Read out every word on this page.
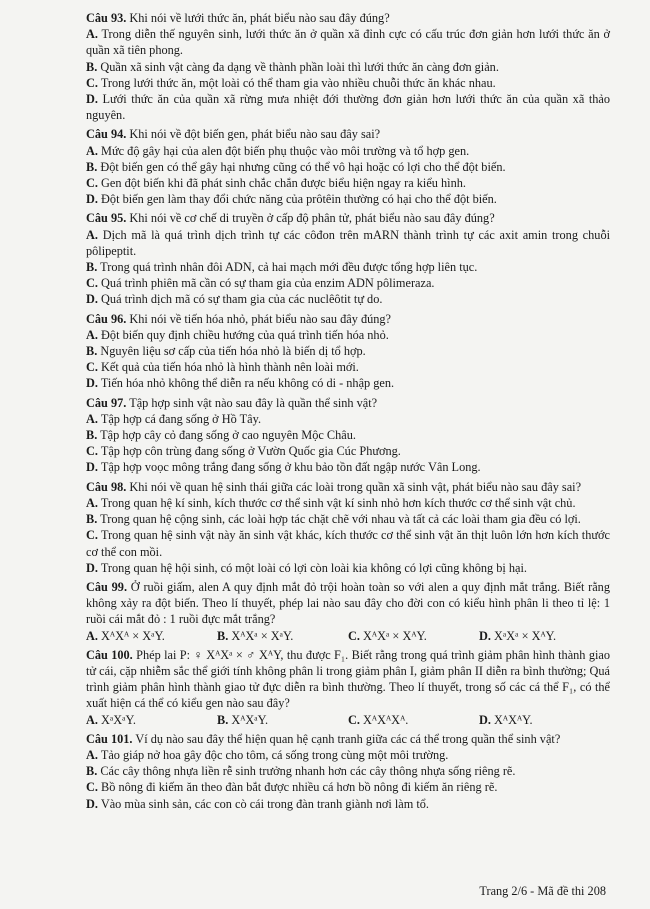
Câu 93. Khi nói về lưới thức ăn, phát biểu nào sau đây đúng?

A. Trong diễn thế nguyên sinh, lưới thức ăn ở quần xã đỉnh cực có cấu trúc đơn giản hơn lưới thức ăn ở quần xã tiên phong.

B. Quần xã sinh vật càng đa dạng về thành phần loài thì lưới thức ăn càng đơn giản.

C. Trong lưới thức ăn, một loài có thể tham gia vào nhiều chuỗi thức ăn khác nhau.

D. Lưới thức ăn của quần xã rừng mưa nhiệt đới thường đơn giản hơn lưới thức ăn của quần xã thảo nguyên.

Câu 94. Khi nói về đột biến gen, phát biểu nào sau đây sai?

A. Mức độ gây hại của alen đột biến phụ thuộc vào môi trường và tổ hợp gen.

B. Đột biến gen có thể gây hại nhưng cũng có thể vô hại hoặc có lợi cho thể đột biến.

C. Gen đột biến khi đã phát sinh chắc chắn được biểu hiện ngay ra kiểu hình.

D. Đột biến gen làm thay đổi chức năng của prôtêin thường có hại cho thể đột biến.

Câu 95. Khi nói về cơ chế di truyền ở cấp độ phân tử, phát biểu nào sau đây đúng?

A. Dịch mã là quá trình dịch trình tự các côđon trên mARN thành trình tự các axit amin trong chuỗi pôlipeptit.

B. Trong quá trình nhân đôi ADN, cả hai mạch mới đều được tổng hợp liên tục.

C. Quá trình phiên mã cần có sự tham gia của enzim ADN pôlimeraza.

D. Quá trình dịch mã có sự tham gia của các nuclêôtit tự do.

Câu 96. Khi nói về tiến hóa nhỏ, phát biểu nào sau đây đúng?

A. Đột biến quy định chiều hướng của quá trình tiến hóa nhỏ.

B. Nguyên liệu sơ cấp của tiến hóa nhỏ là biến dị tổ hợp.

C. Kết quả của tiến hóa nhỏ là hình thành nên loài mới.

D. Tiến hóa nhỏ không thể diễn ra nếu không có di - nhập gen.

Câu 97. Tập hợp sinh vật nào sau đây là quần thể sinh vật?

A. Tập hợp cá đang sống ở Hồ Tây.

B. Tập hợp cây cỏ đang sống ở cao nguyên Mộc Châu.

C. Tập hợp côn trùng đang sống ở Vườn Quốc gia Cúc Phương.

D. Tập hợp voọc mông trắng đang sống ở khu bảo tồn đất ngập nước Vân Long.

Câu 98. Khi nói về quan hệ sinh thái giữa các loài trong quần xã sinh vật, phát biểu nào sau đây sai?

A. Trong quan hệ kí sinh, kích thước cơ thể sinh vật kí sinh nhỏ hơn kích thước cơ thể sinh vật chủ.

B. Trong quan hệ cộng sinh, các loài hợp tác chặt chẽ với nhau và tất cả các loài tham gia đều có lợi.

C. Trong quan hệ sinh vật này ăn sinh vật khác, kích thước cơ thể sinh vật ăn thịt luôn lớn hơn kích thước cơ thể con mồi.

D. Trong quan hệ hội sinh, có một loài có lợi còn loài kia không có lợi cũng không bị hại.

Câu 99. Ở ruồi giấm, alen A quy định mắt đỏ trội hoàn toàn so với alen a quy định mắt trắng. Biết rằng không xảy ra đột biến. Theo lí thuyết, phép lai nào sau đây cho đời con có kiểu hình phân li theo tỉ lệ: 1 ruồi cái mắt đỏ : 1 ruồi đực mắt trắng?

A. XᴬXᴬ × XᵃY.	B. XᴬXᵃ × XᵃY.	C. XᴬXᵃ × XᴬY.	D. XᵃXᵃ × XᴬY.

Câu 100. Phép lai P: ♀ XᴬXᵃ × ♂ XᴬY, thu được F₁. Biết rằng trong quá trình giảm phân hình thành giao tử cái, cặp nhiễm sắc thể giới tính không phân li trong giảm phân I, giảm phân II diễn ra bình thường; Quá trình giảm phân hình thành giao tử đực diễn ra bình thường. Theo lí thuyết, trong số các cá thể F₁, có thể xuất hiện cá thể có kiểu gen nào sau đây?

A. XᵃXᵃY.	B. XᴬXᵃY.	C. XᴬXᴬXᴬ.	D. XᴬXᴬY.

Câu 101. Ví dụ nào sau đây thể hiện quan hệ cạnh tranh giữa các cá thể trong quần thể sinh vật?

A. Tảo giáp nở hoa gây độc cho tôm, cá sống trong cùng một môi trường.

B. Các cây thông nhựa liền rễ sinh trưởng nhanh hơn các cây thông nhựa sống riêng rẽ.

C. Bồ nông đi kiếm ăn theo đàn bắt được nhiều cá hơn bồ nông đi kiếm ăn riêng rẽ.

D. Vào mùa sinh sản, các con cò cái trong đàn tranh giành nơi làm tổ.

Trang 2/6 - Mã đề thi 208
